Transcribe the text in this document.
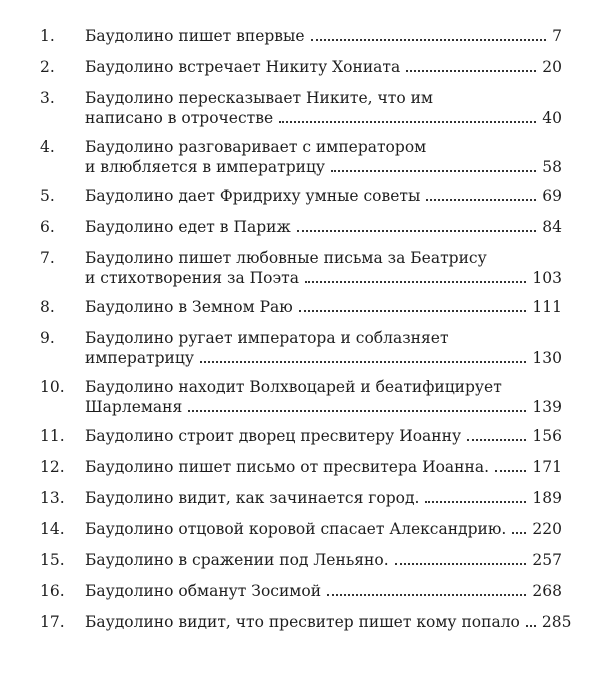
1. Баудолино пишет впервые	7
2. Баудолино встречает Никиту Хониата	20
3. Баудолино пересказывает Никите, что им
написано в отрочестве	40
4. Баудолино разговаривает с императором
и влюбляется в императрицу	58
5. Баудолино дает Фридриху умные советы	69
6. Баудолино едет в Париж	84
7. Баудолино пишет любовные письма за Беатрису
и стихотворения за Поэта	103
8. Баудолино в Земном Раю	111
9. Баудолино ругает императора и соблазняет
императрицу	130
10. Баудолино находит Волхвоцарей и беатифицирует
Шарлеманя	139
11. Баудолино строит дворец пресвитеру Иоанну	156
12. Баудолино пишет письмо от пресвитера Иоанна.	171
13. Баудолино видит, как зачинается город.	189
14. Баудолино отцовой коровой спасает Александрию. 220
15. Баудолино в сражении под Леньяно.	257
16. Баудолино обманут Зосимой	268
17. Баудолино видит, что пресвитер пишет кому попало 285
